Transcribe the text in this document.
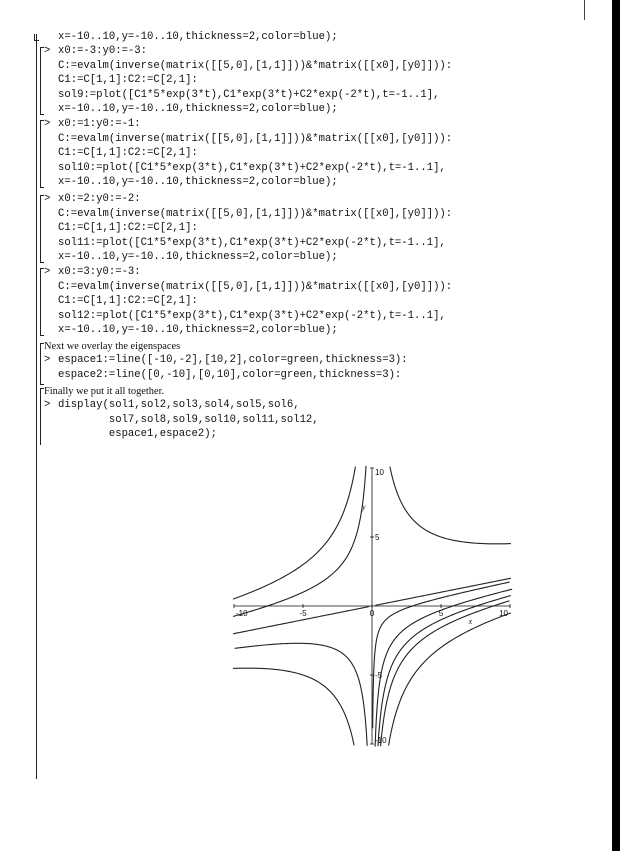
x=-10..10,y=-10..10,thickness=2,color=blue);
> x0:=-3:y0:=-3:
C:=evalm(inverse(matrix([[5,0],[1,1]]))&*matrix([[x0],[y0]])):
C1:=C[1,1]:C2:=C[2,1]:
sol9:=plot([C1*5*exp(3*t),C1*exp(3*t)+C2*exp(-2*t),t=-1..1],
x=-10..10,y=-10..10,thickness=2,color=blue);
> x0:=1:y0:=-1:
C:=evalm(inverse(matrix([[5,0],[1,1]]))&*matrix([[x0],[y0]])):
C1:=C[1,1]:C2:=C[2,1]:
sol10:=plot([C1*5*exp(3*t),C1*exp(3*t)+C2*exp(-2*t),t=-1..1],
x=-10..10,y=-10..10,thickness=2,color=blue);
> x0:=2:y0:=-2:
C:=evalm(inverse(matrix([[5,0],[1,1]]))&*matrix([[x0],[y0]])):
C1:=C[1,1]:C2:=C[2,1]:
sol11:=plot([C1*5*exp(3*t),C1*exp(3*t)+C2*exp(-2*t),t=-1..1],
x=-10..10,y=-10..10,thickness=2,color=blue);
> x0:=3:y0:=-3:
C:=evalm(inverse(matrix([[5,0],[1,1]]))&*matrix([[x0],[y0]])):
C1:=C[1,1]:C2:=C[2,1]:
sol12:=plot([C1*5*exp(3*t),C1*exp(3*t)+C2*exp(-2*t),t=-1..1],
x=-10..10,y=-10..10,thickness=2,color=blue);
Next we overlay the eigenspaces
> espace1:=line([-10,-2],[10,2],color=green,thickness=3):
espace2:=line([0,-10],[0,10],color=green,thickness=3):
Finally we put it all together.
> display(sol1,sol2,sol3,sol4,sol5,sol6,
sol7,sol8,sol9,sol10,sol11,sol12,
espace1,espace2);
-10	-5	0	5	10
10
5
-5
-10
x
y
